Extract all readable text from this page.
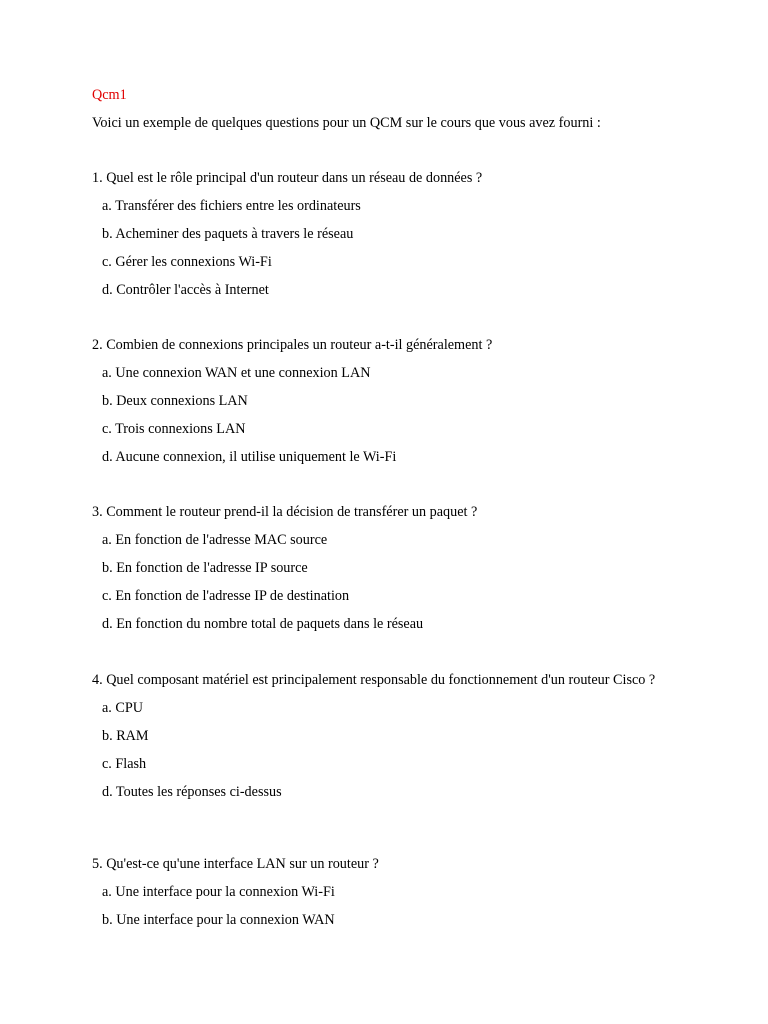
Qcm1
Voici un exemple de quelques questions pour un QCM sur le cours que vous avez fourni :
1. Quel est le rôle principal d'un routeur dans un réseau de données ?
a. Transférer des fichiers entre les ordinateurs
b. Acheminer des paquets à travers le réseau
c. Gérer les connexions Wi-Fi
d. Contrôler l'accès à Internet
2. Combien de connexions principales un routeur a-t-il généralement ?
a. Une connexion WAN et une connexion LAN
b. Deux connexions LAN
c. Trois connexions LAN
d. Aucune connexion, il utilise uniquement le Wi-Fi
3. Comment le routeur prend-il la décision de transférer un paquet ?
a. En fonction de l'adresse MAC source
b. En fonction de l'adresse IP source
c. En fonction de l'adresse IP de destination
d. En fonction du nombre total de paquets dans le réseau
4. Quel composant matériel est principalement responsable du fonctionnement d'un routeur Cisco ?
a. CPU
b. RAM
c. Flash
d. Toutes les réponses ci-dessus
5. Qu'est-ce qu'une interface LAN sur un routeur ?
a. Une interface pour la connexion Wi-Fi
b. Une interface pour la connexion WAN
